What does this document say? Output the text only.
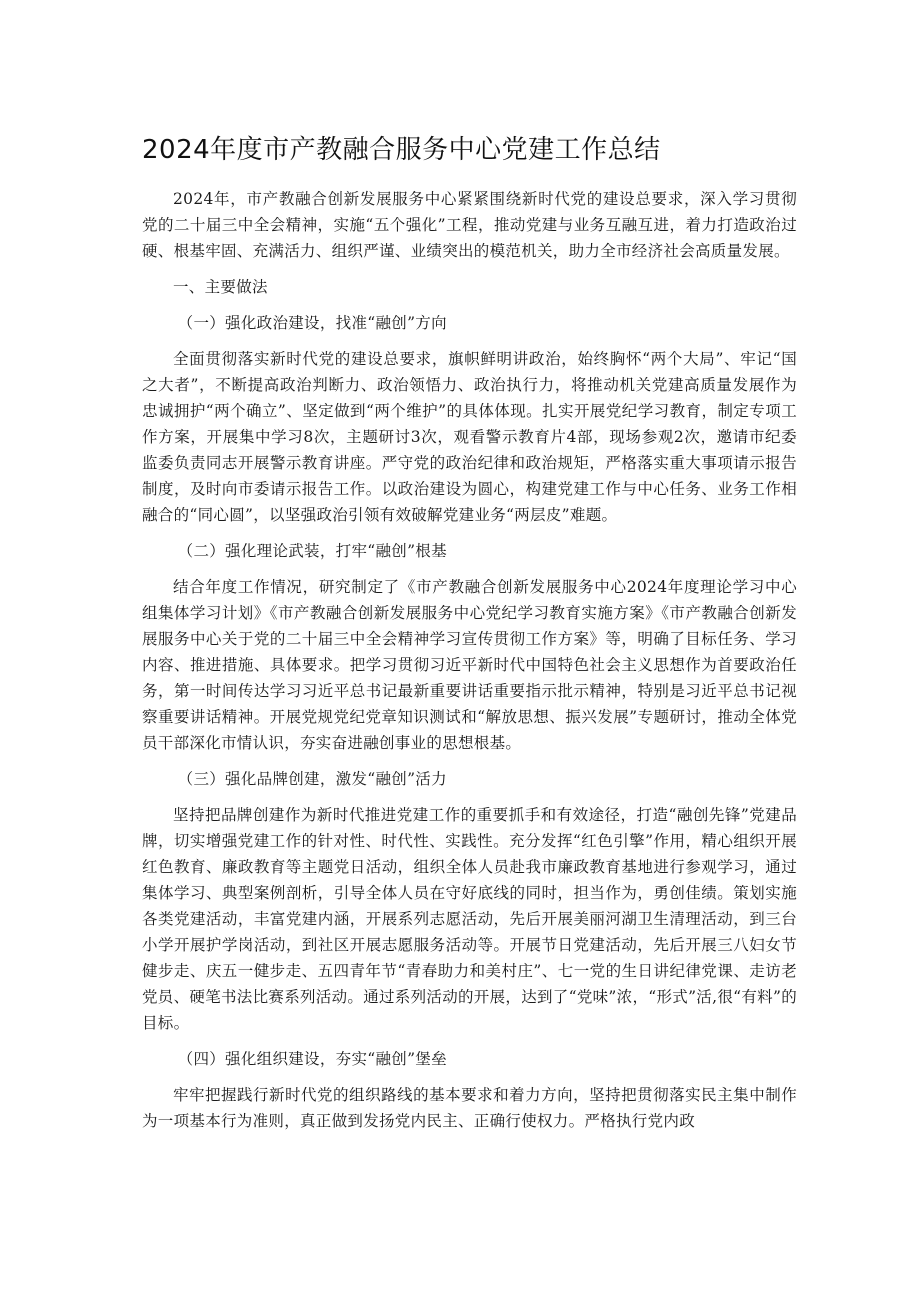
2024年度市产教融合服务中心党建工作总结

2024年，市产教融合创新发展服务中心紧紧围绕新时代党的建设总要求，深入学习贯彻党的二十届三中全会精神，实施“五个强化”工程，推动党建与业务互融互进，着力打造政治过硬、根基牢固、充满活力、组织严谨、业绩突出的模范机关，助力全市经济社会高质量发展。

一、主要做法

（一）强化政治建设，找准“融创”方向

全面贯彻落实新时代党的建设总要求，旗帜鲜明讲政治，始终胸怀“两个大局”、牢记“国之大者”，不断提高政治判断力、政治领悟力、政治执行力，将推动机关党建高质量发展作为忠诚拥护“两个确立”、坚定做到“两个维护”的具体体现。扎实开展党纪学习教育，制定专项工作方案，开展集中学习8次，主题研讨3次，观看警示教育片4部，现场参观2次，邀请市纪委监委负责同志开展警示教育讲座。严守党的政治纪律和政治规矩，严格落实重大事项请示报告制度，及时向市委请示报告工作。以政治建设为圆心，构建党建工作与中心任务、业务工作相融合的“同心圆”，以坚强政治引领有效破解党建业务“两层皮”难题。

（二）强化理论武装，打牢“融创”根基

结合年度工作情况，研究制定了《市产教融合创新发展服务中心2024年度理论学习中心组集体学习计划》《市产教融合创新发展服务中心党纪学习教育实施方案》《市产教融合创新发展服务中心关于党的二十届三中全会精神学习宣传贯彻工作方案》等，明确了目标任务、学习内容、推进措施、具体要求。把学习贯彻习近平新时代中国特色社会主义思想作为首要政治任务，第一时间传达学习习近平总书记最新重要讲话重要指示批示精神，特别是习近平总书记视察重要讲话精神。开展党规党纪党章知识测试和“解放思想、振兴发展”专题研讨，推动全体党员干部深化市情认识，夯实奋进融创事业的思想根基。

（三）强化品牌创建，激发“融创”活力

坚持把品牌创建作为新时代推进党建工作的重要抓手和有效途径，打造“融创先锋”党建品牌，切实增强党建工作的针对性、时代性、实践性。充分发挥“红色引擎”作用，精心组织开展红色教育、廉政教育等主题党日活动，组织全体人员赴我市廉政教育基地进行参观学习，通过集体学习、典型案例剖析，引导全体人员在守好底线的同时，担当作为，勇创佳绩。策划实施各类党建活动，丰富党建内涵，开展系列志愿活动，先后开展美丽河湖卫生清理活动，到三台小学开展护学岗活动，到社区开展志愿服务活动等。开展节日党建活动，先后开展三八妇女节健步走、庆五一健步走、五四青年节“青春助力和美村庄”、七一党的生日讲纪律党课、走访老党员、硬笔书法比赛系列活动。通过系列活动的开展，达到了“党味”浓，“形式”活,很“有料”的目标。

（四）强化组织建设，夯实“融创”堡垒

牢牢把握践行新时代党的组织路线的基本要求和着力方向，坚持把贯彻落实民主集中制作为一项基本行为准则，真正做到发扬党内民主、正确行使权力。严格执行党内政
